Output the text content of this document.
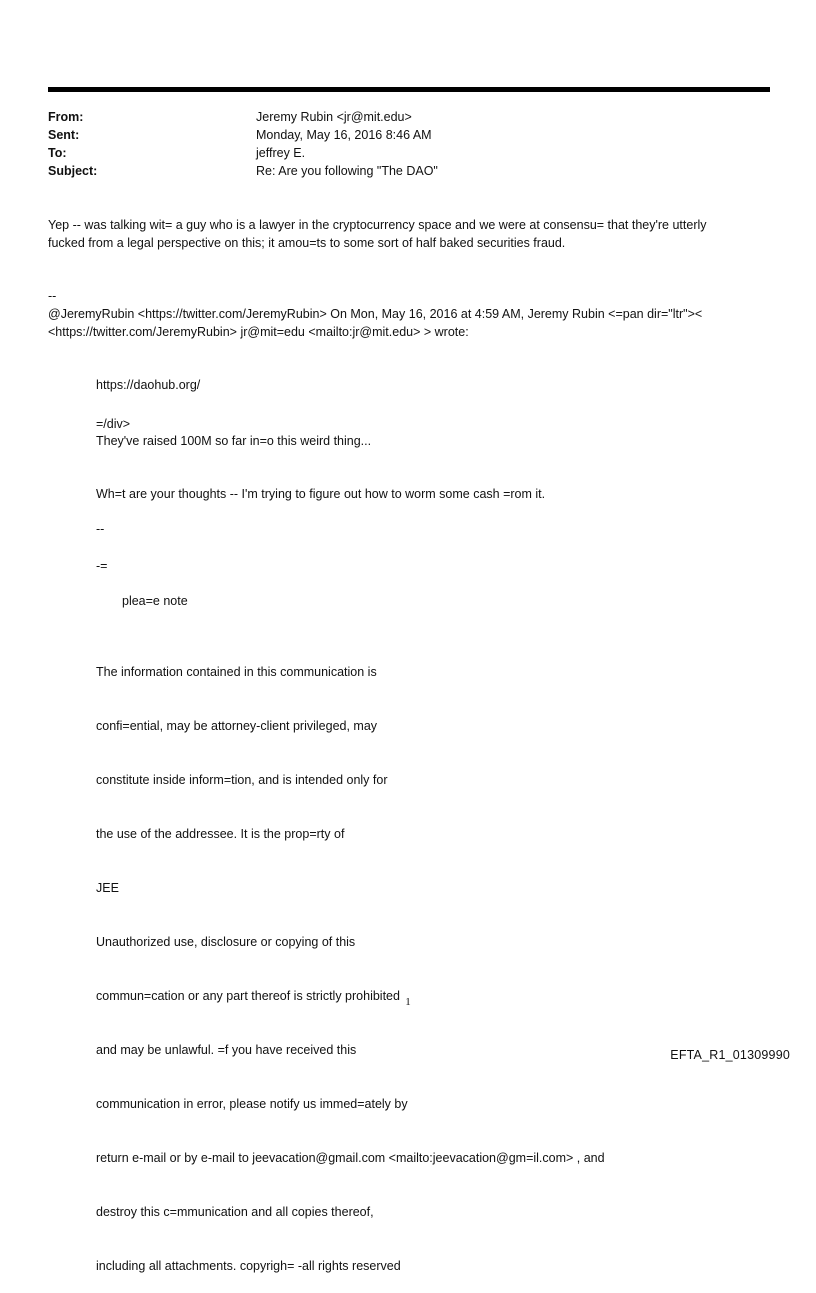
From:	Jeremy Rubin <jr@mit.edu>
Sent:	Monday, May 16, 2016 8:46 AM
To:	jeffrey E.
Subject:	Re: Are you following "The DAO"
Yep -- was talking wit= a guy who is a lawyer in the cryptocurrency space and we were at consensu= that they're utterly
fucked from a legal perspective on this; it amou=ts to some sort of half baked securities fraud.
--
@JeremyRubin <https://twitter.com/JeremyRubin> On Mon, May 16, 2016 at 4:59 AM, Jeremy Rubin <=pan dir="ltr"><
<https://twitter.com/JeremyRubin> jr@mit=edu <mailto:jr@mit.edu> > wrote:
https://daohub.org/
=/div>
They've raised 100M so far in=o this weird thing...
Wh=t are your thoughts -- I'm trying to figure out how to worm some cash =rom it.
--
-=
plea=e note

The information contained in this communication is

confi=ential, may be attorney-client privileged, may

constitute inside inform=tion, and is intended only for

the use of the addressee. It is the prop=rty of

JEE

Unauthorized use, disclosure or copying of this

commun=cation or any part thereof is strictly prohibited

and may be unlawful. =f you have received this

communication in error, please notify us immed=ately by

return e-mail or by e-mail to jeevacation@gmail.com <mailto:jeevacation@gm=il.com> , and

destroy this c=mmunication and all copies thereof,

including all attachments. copyrigh= -all rights reserved

1
EFTA_R1_01309990
